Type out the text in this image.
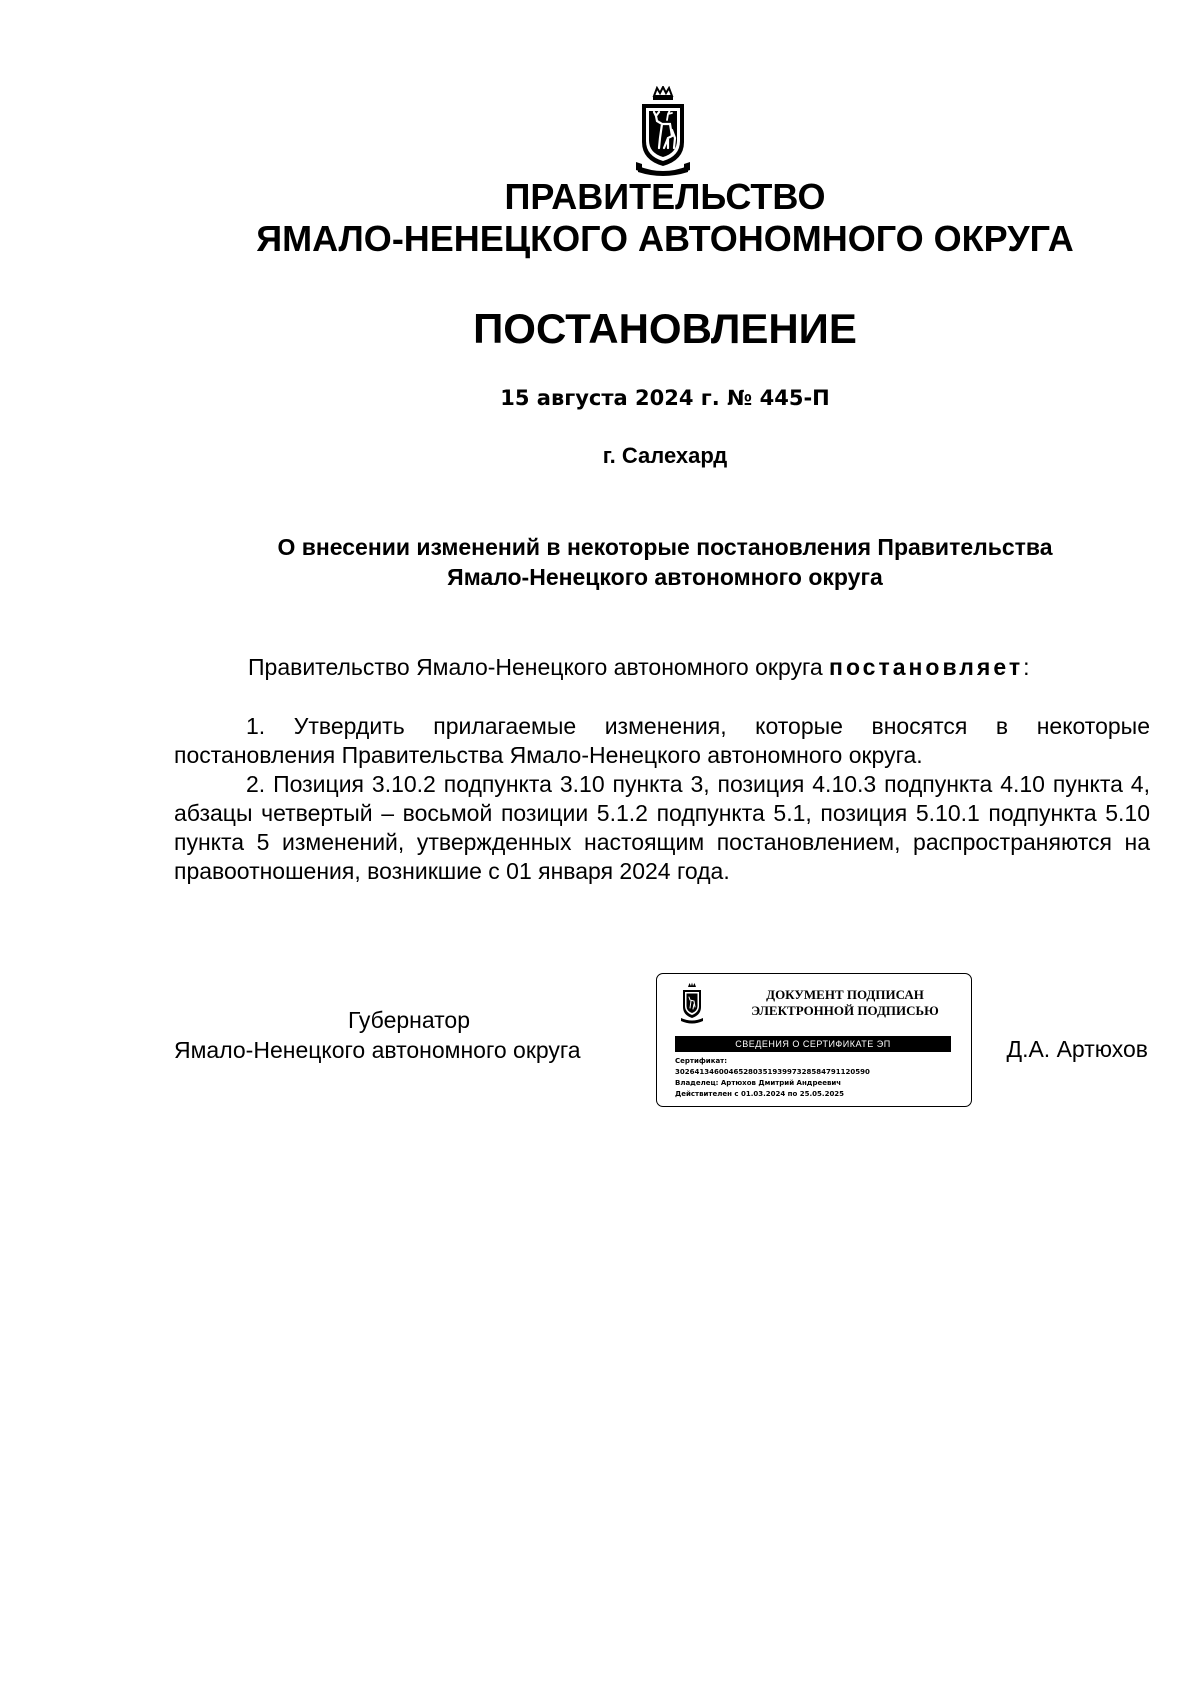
ПРАВИТЕЛЬСТВО
ЯМАЛО-НЕНЕЦКОГО АВТОНОМНОГО ОКРУГА
ПОСТАНОВЛЕНИЕ
15 августа 2024 г. № 445-П
г. Салехард
О внесении изменений в некоторые постановления Правительства
Ямало-Ненецкого автономного округа
Правительство Ямало-Ненецкого автономного округа постановляет:

1. Утвердить прилагаемые изменения, которые вносятся в некоторые постановления Правительства Ямало-Ненецкого автономного округа.

2. Позиция 3.10.2 подпункта 3.10 пункта 3, позиция 4.10.3 подпункта 4.10 пункта 4, абзацы четвертый – восьмой позиции 5.1.2 подпункта 5.1, позиция 5.10.1 подпункта 5.10 пункта 5 изменений, утвержденных настоящим постановлением, распространяются на правоотношения, возникшие с 01 января 2024 года.

Губернатор
Ямало-Ненецкого автономного округа
ДОКУМЕНТ ПОДПИСАН
ЭЛЕКТРОННОЙ ПОДПИСЬЮ
СВЕДЕНИЯ О СЕРТИФИКАТЕ ЭП
Сертификат:
3026413460046528035193997328584791120590
Владелец: Артюхов Дмитрий Андреевич
Действителен с 01.03.2024 по 25.05.2025
Д.А. Артюхов
